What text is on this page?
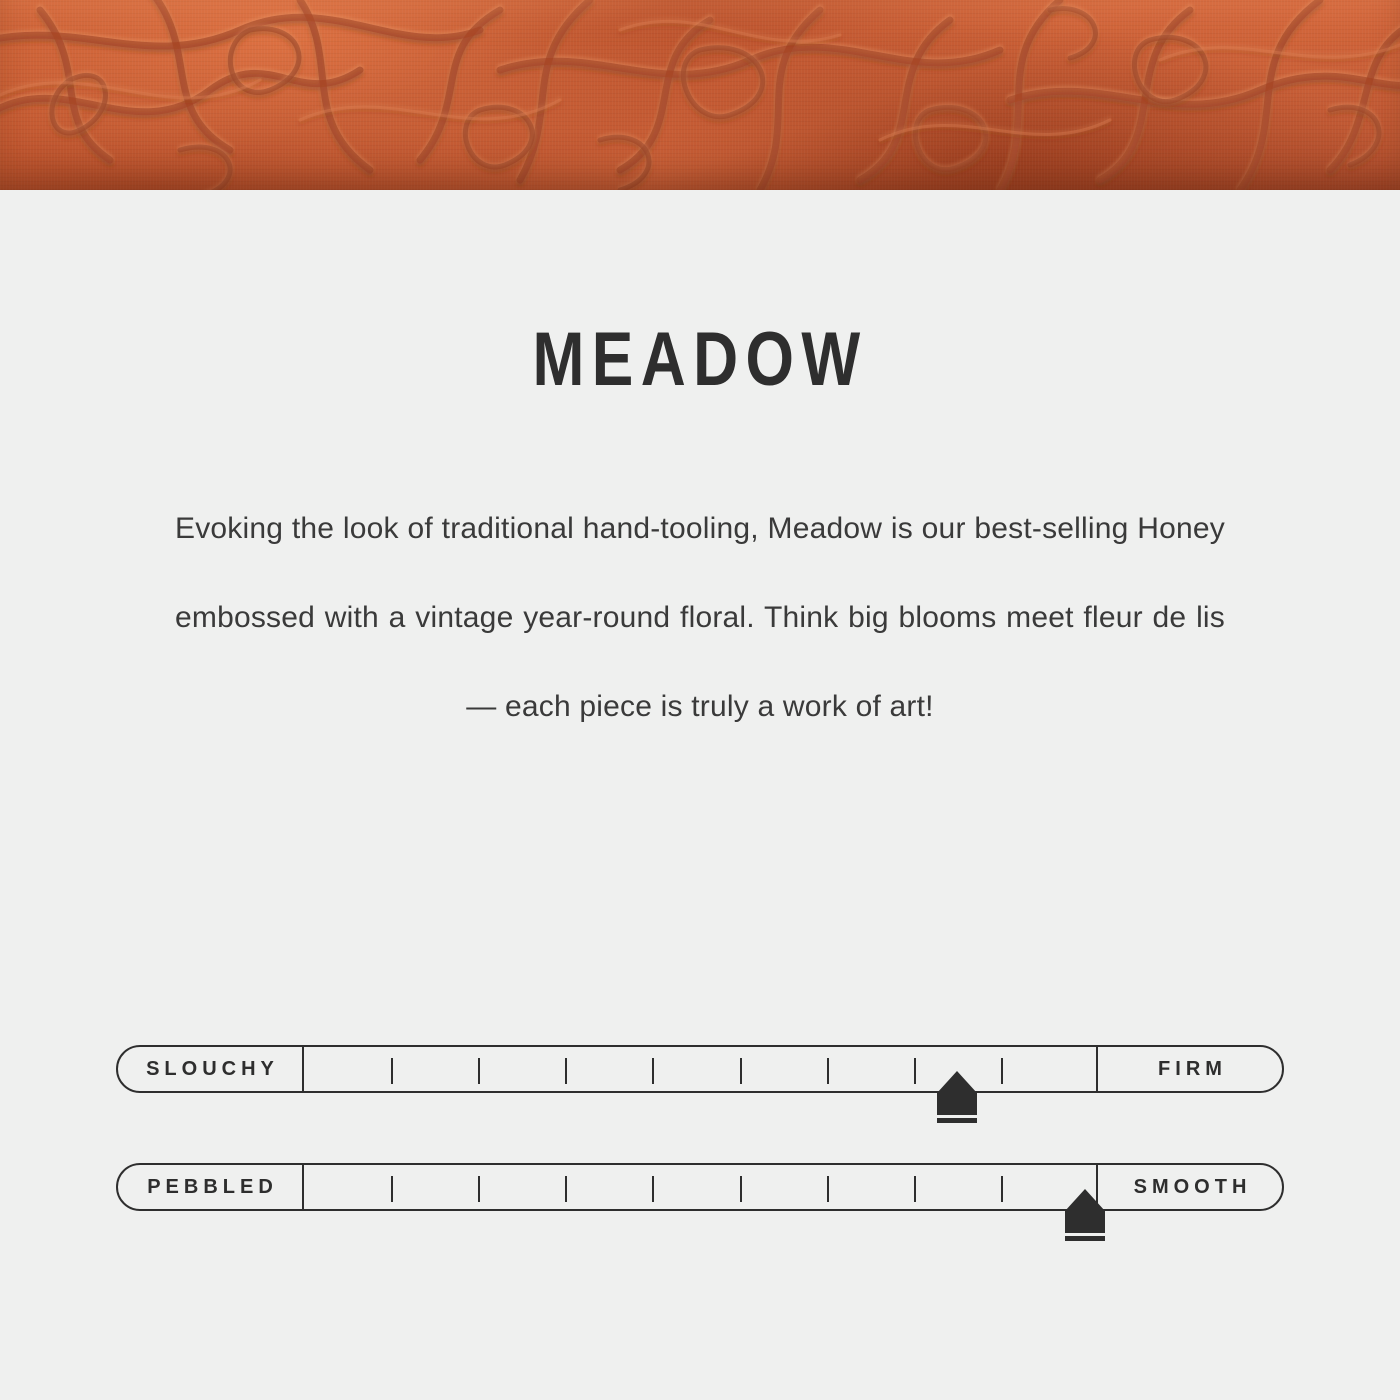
MEADOW
Evoking the look of traditional hand-tooling, Meadow is our best-selling Honey embossed with a vintage year-round floral. Think big blooms meet fleur de lis — each piece is truly a work of art!
SLOUCHY	FIRM
PEBBLED	SMOOTH
